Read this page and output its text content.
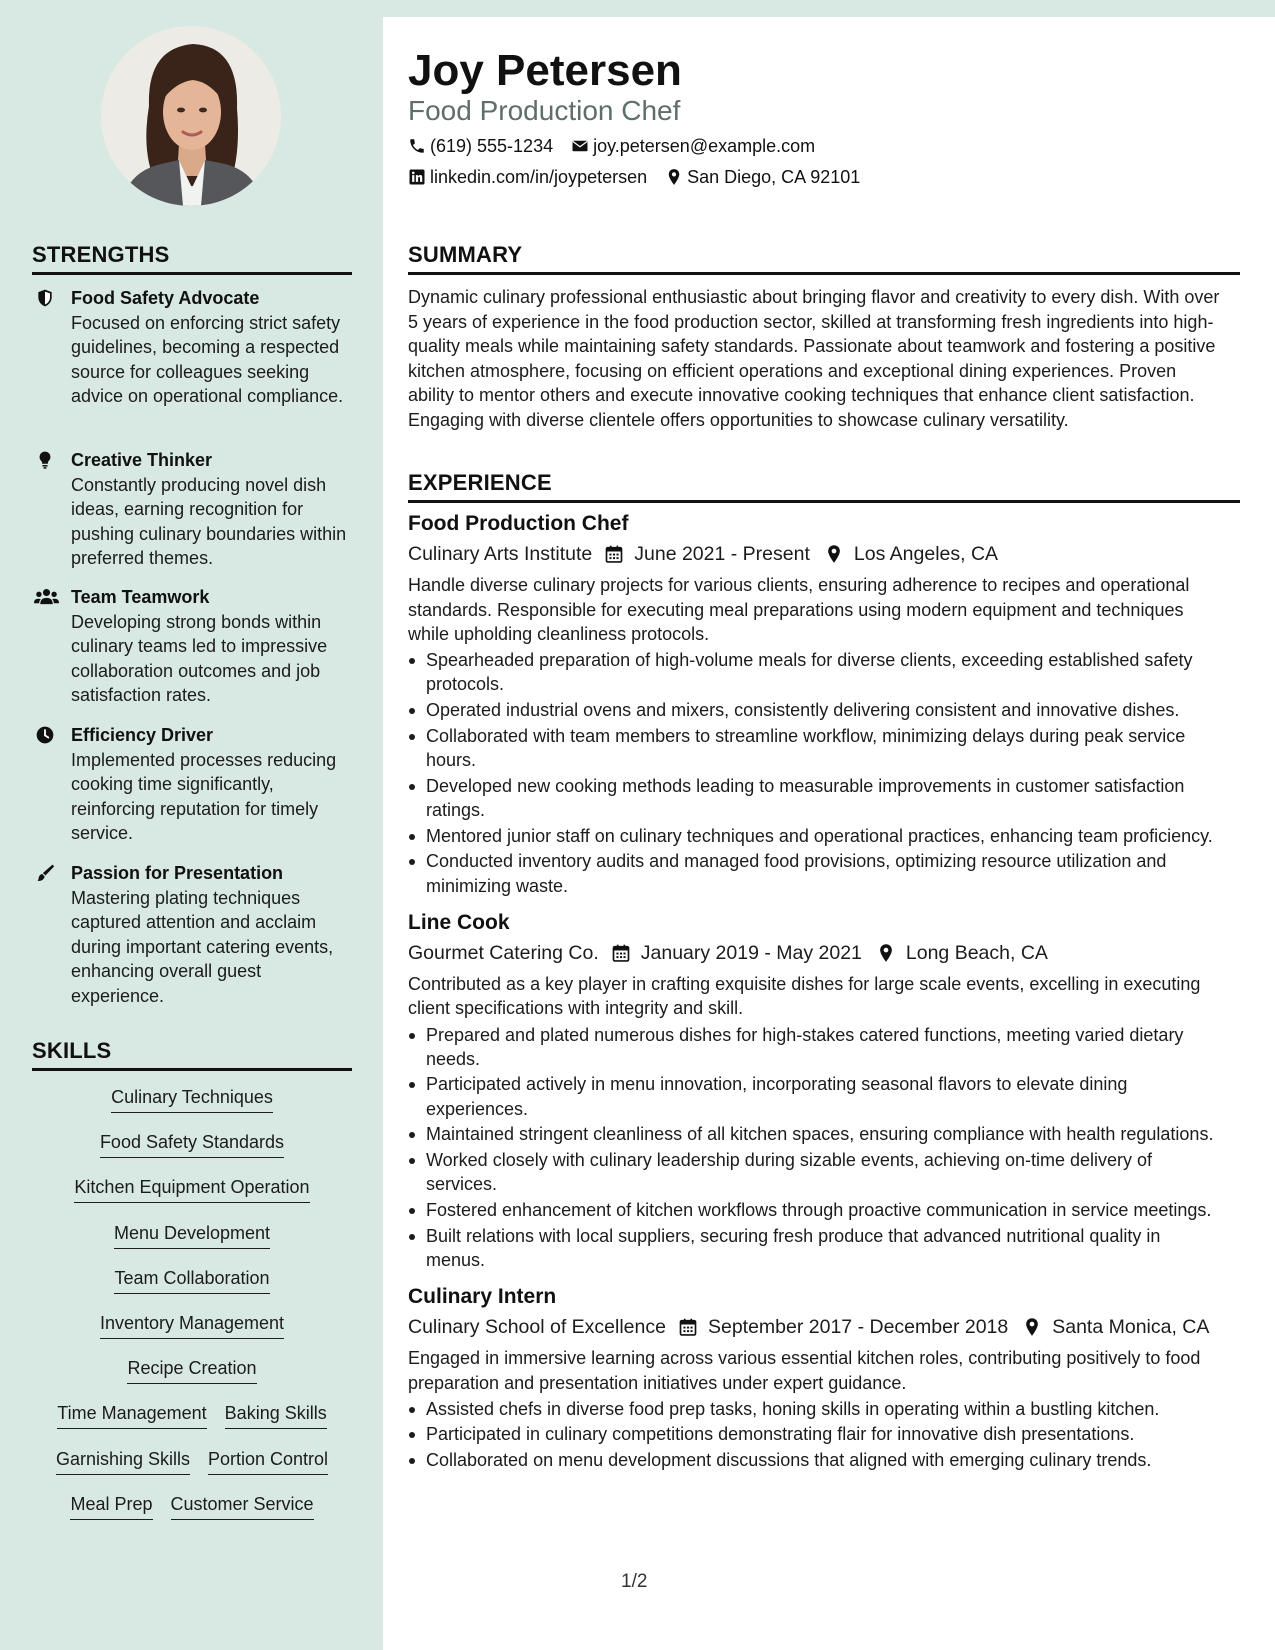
STRENGTHS
Food Safety Advocate
Focused on enforcing strict safety guidelines, becoming a respected source for colleagues seeking advice on operational compliance.
Creative Thinker
Constantly producing novel dish ideas, earning recognition for pushing culinary boundaries within preferred themes.
Team Teamwork
Developing strong bonds within culinary teams led to impressive collaboration outcomes and job satisfaction rates.
Efficiency Driver
Implemented processes reducing cooking time significantly, reinforcing reputation for timely service.
Passion for Presentation
Mastering plating techniques captured attention and acclaim during important catering events, enhancing overall guest experience.
SKILLS
Culinary Techniques
Food Safety Standards
Kitchen Equipment Operation
Menu Development
Team Collaboration
Inventory Management
Recipe Creation
Time Management Baking Skills
Garnishing Skills Portion Control
Meal Prep Customer Service
Joy Petersen
Food Production Chef
(619) 555-1234 joy.petersen@example.com
linkedin.com/in/joypetersen San Diego, CA 92101
SUMMARY
Dynamic culinary professional enthusiastic about bringing flavor and creativity to every dish. With over 5 years of experience in the food production sector, skilled at transforming fresh ingredients into high-quality meals while maintaining safety standards. Passionate about teamwork and fostering a positive kitchen atmosphere, focusing on efficient operations and exceptional dining experiences. Proven ability to mentor others and execute innovative cooking techniques that enhance client satisfaction. Engaging with diverse clientele offers opportunities to showcase culinary versatility.
EXPERIENCE
Food Production Chef
Culinary Arts Institute June 2021 - Present Los Angeles, CA
Handle diverse culinary projects for various clients, ensuring adherence to recipes and operational standards. Responsible for executing meal preparations using modern equipment and techniques while upholding cleanliness protocols.
Spearheaded preparation of high-volume meals for diverse clients, exceeding established safety protocols.
Operated industrial ovens and mixers, consistently delivering consistent and innovative dishes.
Collaborated with team members to streamline workflow, minimizing delays during peak service hours.
Developed new cooking methods leading to measurable improvements in customer satisfaction ratings.
Mentored junior staff on culinary techniques and operational practices, enhancing team proficiency.
Conducted inventory audits and managed food provisions, optimizing resource utilization and minimizing waste.
Line Cook
Gourmet Catering Co. January 2019 - May 2021 Long Beach, CA
Contributed as a key player in crafting exquisite dishes for large scale events, excelling in executing client specifications with integrity and skill.
Prepared and plated numerous dishes for high-stakes catered functions, meeting varied dietary needs.
Participated actively in menu innovation, incorporating seasonal flavors to elevate dining experiences.
Maintained stringent cleanliness of all kitchen spaces, ensuring compliance with health regulations.
Worked closely with culinary leadership during sizable events, achieving on-time delivery of services.
Fostered enhancement of kitchen workflows through proactive communication in service meetings.
Built relations with local suppliers, securing fresh produce that advanced nutritional quality in menus.
Culinary Intern
Culinary School of Excellence September 2017 - December 2018 Santa Monica, CA
Engaged in immersive learning across various essential kitchen roles, contributing positively to food preparation and presentation initiatives under expert guidance.
Assisted chefs in diverse food prep tasks, honing skills in operating within a bustling kitchen.
Participated in culinary competitions demonstrating flair for innovative dish presentations.
Collaborated on menu development discussions that aligned with emerging culinary trends.
1/2
